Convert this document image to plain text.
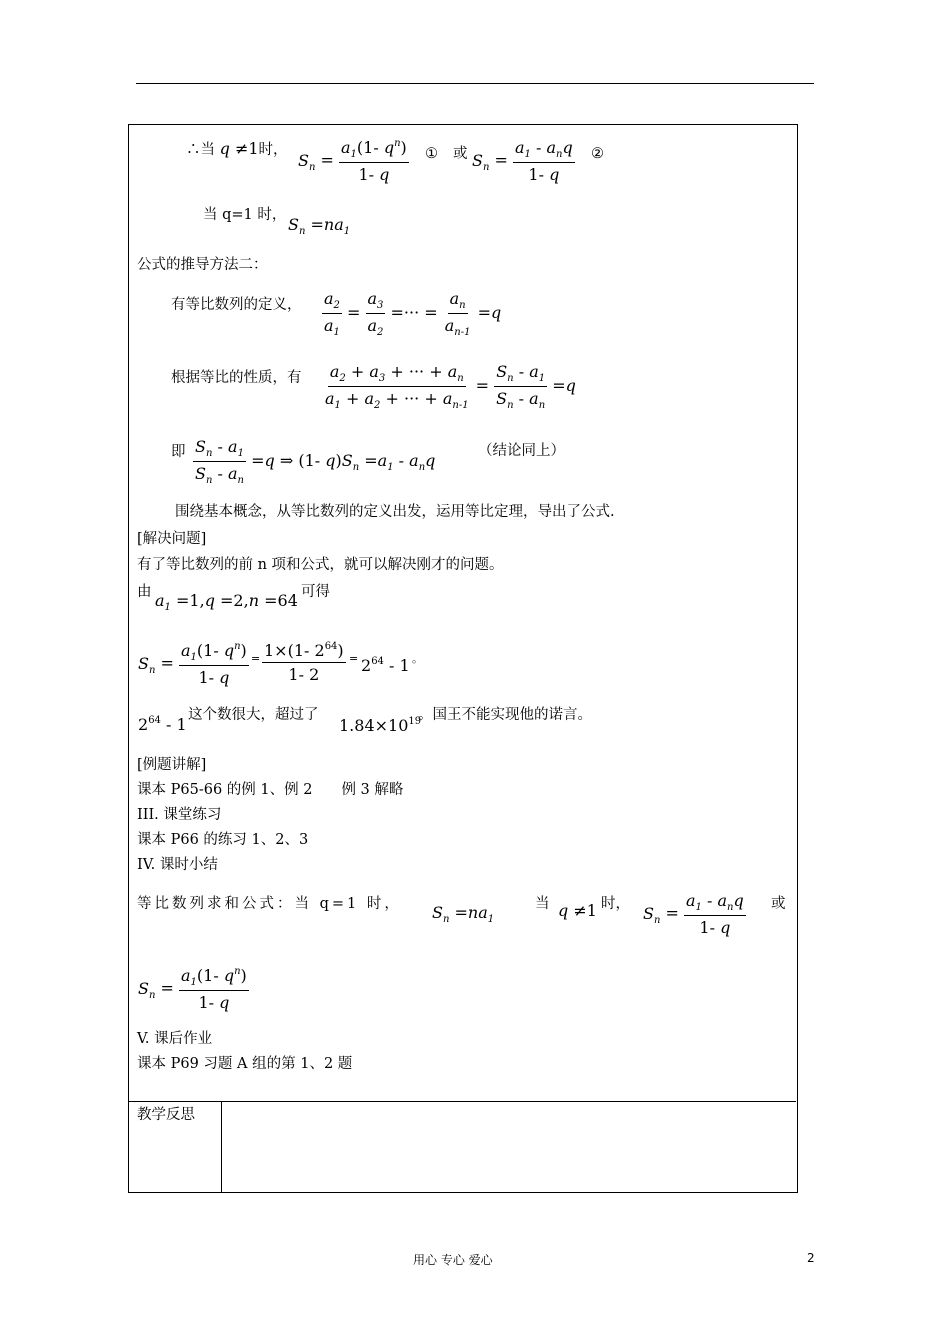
∴当 q ≠1时，
$S_n = \frac{a_1(1- q^n)}{1- q}$ ① 或 $S_n = \frac{a_1 - a_nq}{1- q}$ ②
当 q=1 时， $S_n =na_1$
公式的推导方法二：
有等比数列的定义， $\frac{a_2}{a_1} = \frac{a_3}{a_2}$ =··· = $\frac{a_n}{a_{n-1}} =q$
根据等比的性质，有 $\frac{a_2 + a_3 + \cdot\cdot\cdot + a_n}{a_1 + a_2 + \cdot\cdot\cdot + a_{n-1}} = \frac{S_n - a_1}{S_n - a_n} =q$
即 $\frac{S_n - a_1}{S_n - a_n} =q$ ⇒ (1- $q)S_n =a_1 - a_nq$	（结论同上）
围绕基本概念，从等比数列的定义出发，运用等比定理，导出了公式.
[解决问题]
有了等比数列的前 n 项和公式，就可以解决刚才的问题。
由 $a_1 =1,q =2,n =64$ 可得
$S_n = \frac{a_1(1- q^n)}{1- q} = \frac{1\times(1- 2^{64})}{1- 2} = 2^{64} - 1$ 。
$2^{64} - 1$ 这个数很大，超过了
$1.84\times 10^{19}$
。国王不能实现他的诺言。
[例题讲解]
课本 P65-66 的例 1、例 2　　例 3 解略
III. 课堂练习
课本 P66 的练习 1、2、3
IV. 课时小结
等比数列求和公式：当 q=1 时， $S_n =na_1$
当 q ≠1 时， $S_n = \frac{a_1 - a_nq}{1- q}$ 或
$S_n = \frac{a_1(1- q^n)}{1- q}$
V. 课后作业
课本 P69 习题 A 组的第 1、2 题
教学反思
用心 专心 爱心	2
